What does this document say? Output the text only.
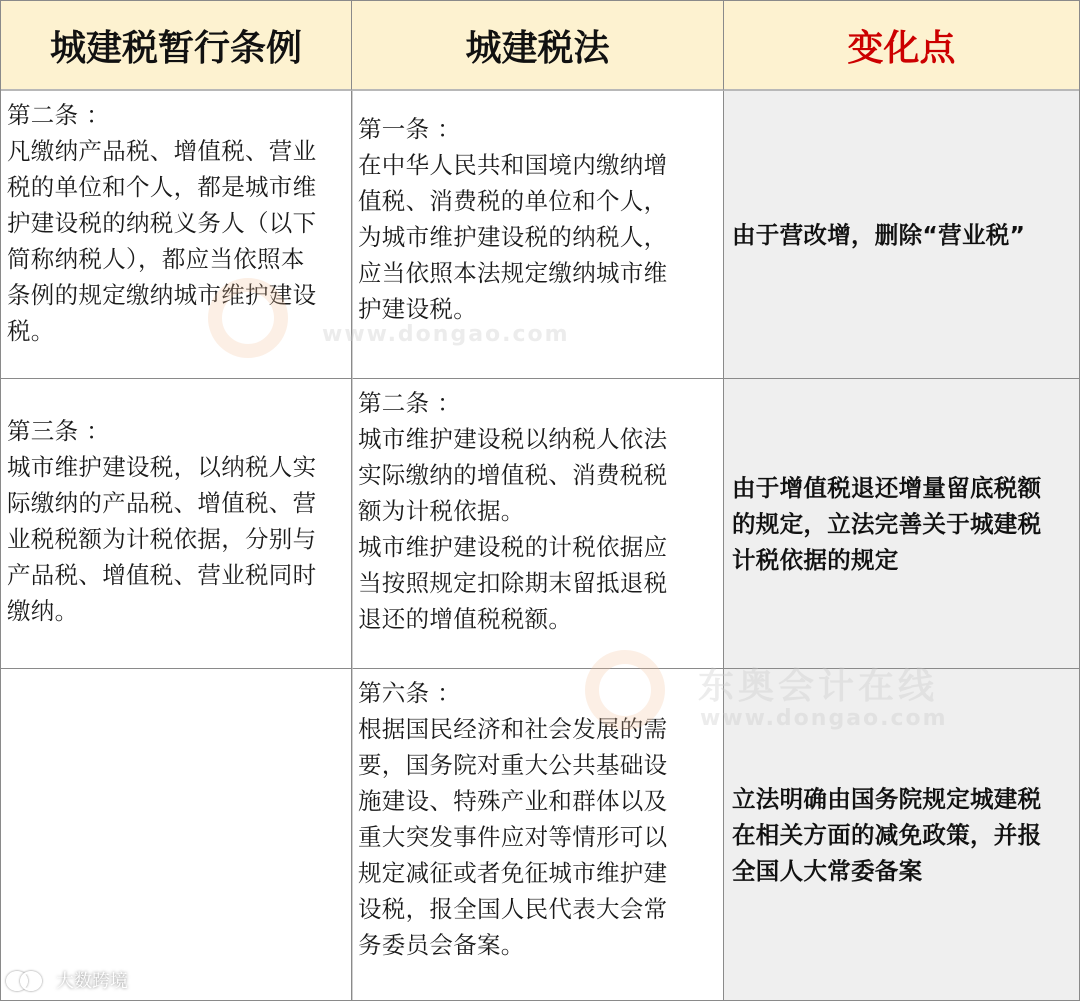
城建税暂行条例	城建税法	变化点
第二条 ：
凡缴纳产品税、增值税、营业
税的单位和个人，都是城市维
护建设税的纳税义务人（以下
简称纳税人），都应当依照本
条例的规定缴纳城市维护建设
税。
第一条 ：
在中华人民共和国境内缴纳增
值税、消费税的单位和个人，
为城市维护建设税的纳税人，
应当依照本法规定缴纳城市维
护建设税。
由于营改增，删除“营业税”
第三条 ：
城市维护建设税，以纳税人实
际缴纳的产品税、增值税、营
业税税额为计税依据，分别与
产品税、增值税、营业税同时
缴纳。
第二条 ：
城市维护建设税以纳税人依法
实际缴纳的增值税、消费税税
额为计税依据。
城市维护建设税的计税依据应
当按照规定扣除期末留抵退税
退还的增值税税额。
由于增值税退还增量留底税额
的规定，立法完善关于城建税
计税依据的规定
第六条 ：
根据国民经济和社会发展的需
要，国务院对重大公共基础设
施建设、特殊产业和群体以及
重大突发事件应对等情形可以
规定减征或者免征城市维护建
设税，报全国人民代表大会常
务委员会备案。
立法明确由国务院规定城建税
在相关方面的减免政策，并报
全国人大常委备案
www.dongao.com
东奥会计在线
www.dongao.com
大数跨境
